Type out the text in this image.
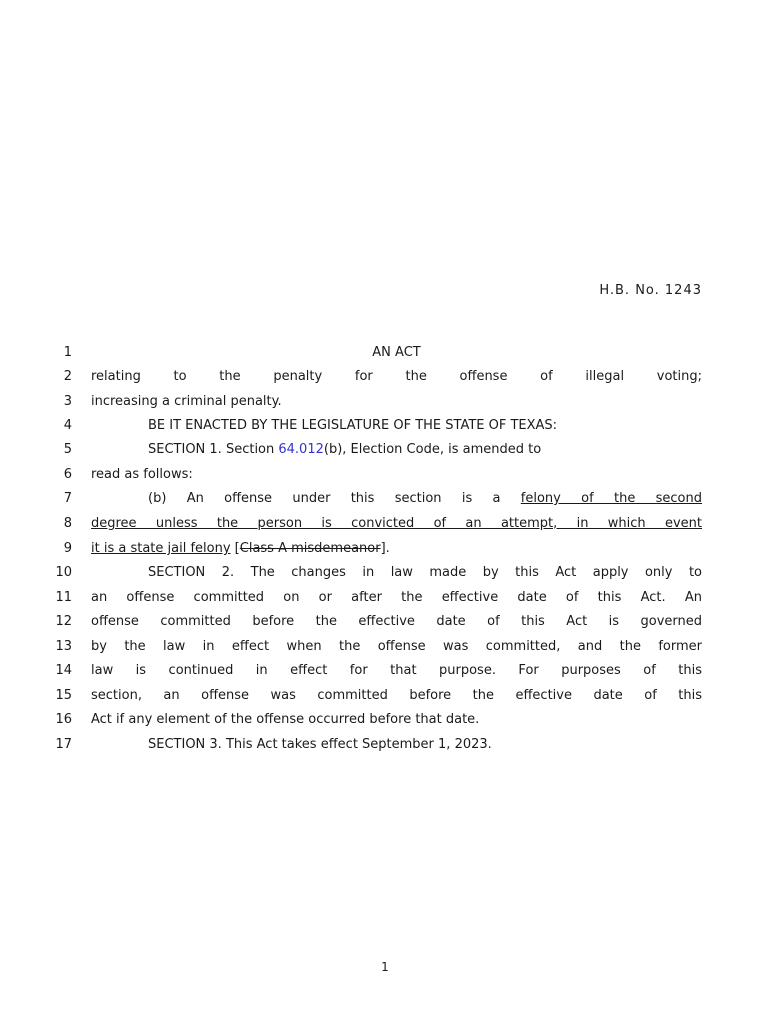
H.B. No. 1243
1	AN ACT
2 relating to the penalty for the offense of illegal voting;
3 increasing a criminal penalty.
4	BE IT ENACTED BY THE LEGISLATURE OF THE STATE OF TEXAS:
5	SECTION 1. Section 64.012(b), Election Code, is amended to
6 read as follows:
7	(b) An offense under this section is a felony of the second
8 degree unless the person is convicted of an attempt, in which event
9 it is a state jail felony [Class A misdemeanor].
10	SECTION 2. The changes in law made by this Act apply only to
11 an offense committed on or after the effective date of this Act. An
12 offense committed before the effective date of this Act is governed
13 by the law in effect when the offense was committed, and the former
14 law is continued in effect for that purpose. For purposes of this
15 section, an offense was committed before the effective date of this
16 Act if any element of the offense occurred before that date.
17	SECTION 3. This Act takes effect September 1, 2023.
1
